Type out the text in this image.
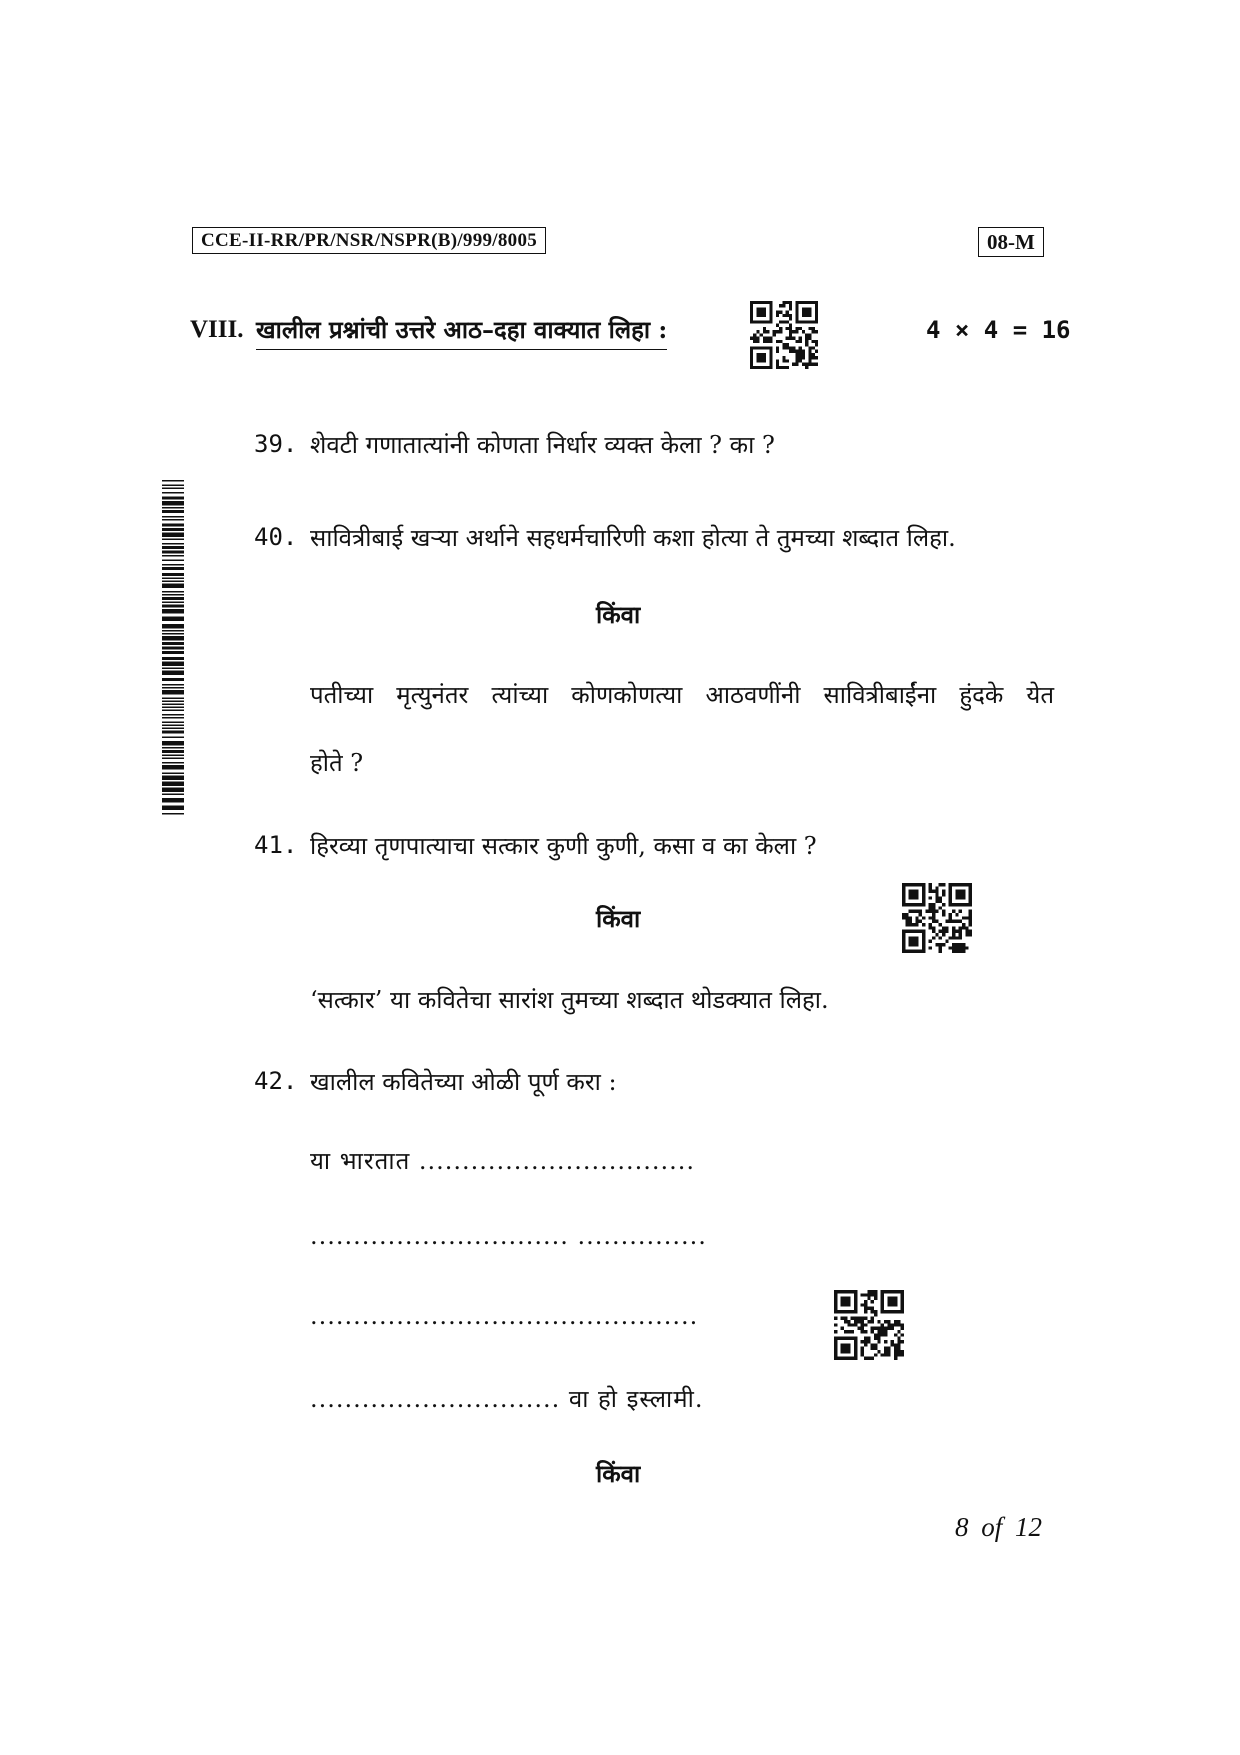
CCE-II-RR/PR/NSR/NSPR(B)/999/8005	08-M
VIII. खालील प्रश्नांची उत्तरे आठ–दहा वाक्यात लिहा :	4 × 4 = 16
39. शेवटी गणातात्यांनी कोणता निर्धार व्यक्त केला ? का ?
40. सावित्रीबाई खऱ्या अर्थाने सहधर्मचारिणी कशा होत्या ते तुमच्या शब्दात लिहा.
किंवा
पतीच्या मृत्युनंतर त्यांच्या कोणकोणत्या आठवणींनी सावित्रीबाईंना हुंदके येत
होते ?
41. हिरव्या तृणपात्याचा सत्कार कुणी कुणी, कसा व का केला ?
किंवा
‘सत्कार’ या कवितेचा सारांश तुमच्या शब्दात थोडक्यात लिहा.
42. खालील कवितेच्या ओळी पूर्ण करा :
या भारतात ................................
.............................. ...............
.............................................
............................. वा हो इस्लामी.
किंवा
8 of 12
